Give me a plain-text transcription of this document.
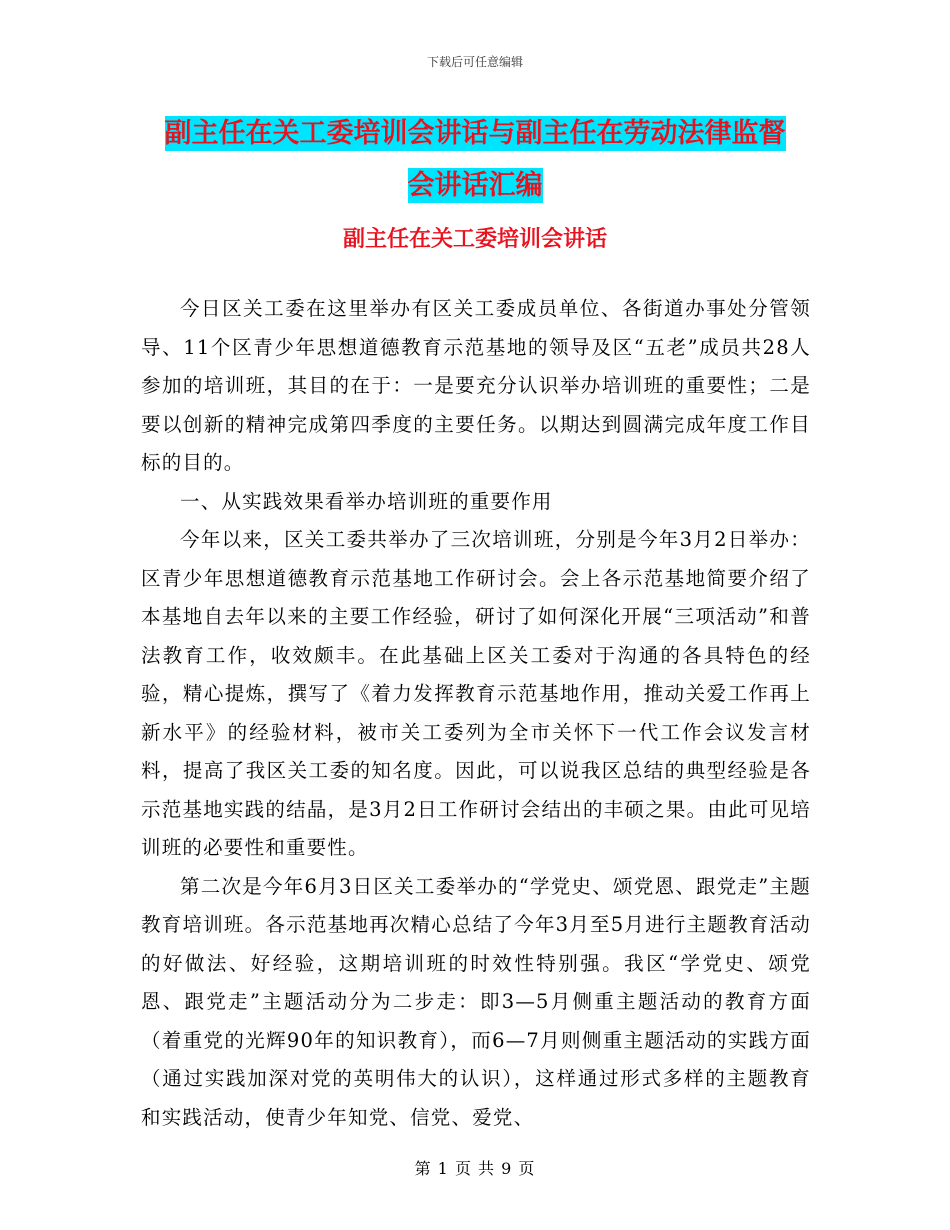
下载后可任意编辑
副主任在关工委培训会讲话与副主任在劳动法律监督
会讲话汇编
副主任在关工委培训会讲话

今日区关工委在这里举办有区关工委成员单位、各街道办事处分管领导、11个区青少年思想道德教育示范基地的领导及区“五老”成员共28人参加的培训班，其目的在于：一是要充分认识举办培训班的重要性；二是要以创新的精神完成第四季度的主要任务。以期达到圆满完成年度工作目标的目的。

一、从实践效果看举办培训班的重要作用

今年以来，区关工委共举办了三次培训班，分别是今年3月2日举办：区青少年思想道德教育示范基地工作研讨会。会上各示范基地简要介绍了本基地自去年以来的主要工作经验，研讨了如何深化开展“三项活动”和普法教育工作，收效颇丰。在此基础上区关工委对于沟通的各具特色的经验，精心提炼，撰写了《着力发挥教育示范基地作用，推动关爱工作再上新水平》的经验材料，被市关工委列为全市关怀下一代工作会议发言材料，提高了我区关工委的知名度。因此，可以说我区总结的典型经验是各示范基地实践的结晶，是3月2日工作研讨会结出的丰硕之果。由此可见培训班的必要性和重要性。

第二次是今年6月3日区关工委举办的“学党史、颂党恩、跟党走”主题教育培训班。各示范基地再次精心总结了今年3月至5月进行主题教育活动的好做法、好经验，这期培训班的时效性特别强。我区“学党史、颂党恩、跟党走”主题活动分为二步走：即3—5月侧重主题活动的教育方面（着重党的光辉90年的知识教育），而6—7月则侧重主题活动的实践方面（通过实践加深对党的英明伟大的认识），这样通过形式多样的主题教育和实践活动，使青少年知党、信党、爱党、

第 1 页 共 9 页
